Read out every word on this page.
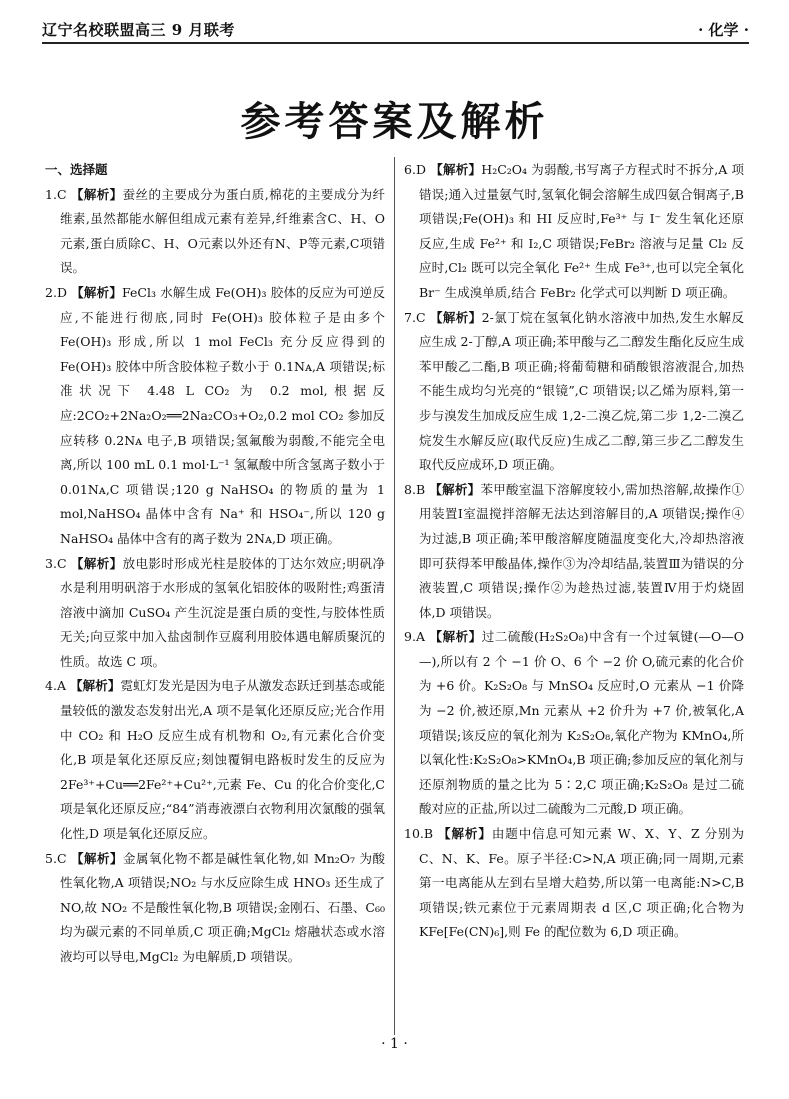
辽宁名校联盟高三 9 月联考	· 化学 ·
参考答案及解析

一、选择题

1.C 【解析】蚕丝的主要成分为蛋白质,棉花的主要成分为纤维素,虽然都能水解但组成元素有差异,纤维素含C、H、O元素,蛋白质除C、H、O元素以外还有N、P等元素,C项错误。

2.D 【解析】FeCl₃ 水解生成 Fe(OH)₃ 胶体的反应为可逆反应,不能进行彻底,同时 Fe(OH)₃ 胶体粒子是由多个 Fe(OH)₃ 形成,所以 1 mol FeCl₃ 充分反应得到的 Fe(OH)₃ 胶体中所含胶体粒子数小于 0.1Nᴀ,A 项错误;标准状况下 4.48 L CO₂ 为 0.2 mol,根据反应:2CO₂+2Na₂O₂══2Na₂CO₃+O₂,0.2 mol CO₂ 参加反应转移 0.2Nᴀ 电子,B 项错误;氢氟酸为弱酸,不能完全电离,所以 100 mL 0.1 mol·L⁻¹ 氢氟酸中所含氢离子数小于 0.01Nᴀ,C 项错误;120 g NaHSO₄ 的物质的量为 1 mol,NaHSO₄ 晶体中含有 Na⁺ 和 HSO₄⁻,所以 120 g NaHSO₄ 晶体中含有的离子数为 2Nᴀ,D 项正确。

3.C 【解析】放电影时形成光柱是胶体的丁达尔效应;明矾净水是利用明矾溶于水形成的氢氧化铝胶体的吸附性;鸡蛋清溶液中滴加 CuSO₄ 产生沉淀是蛋白质的变性,与胶体性质无关;向豆浆中加入盐卤制作豆腐利用胶体遇电解质聚沉的性质。故选 C 项。

4.A 【解析】霓虹灯发光是因为电子从激发态跃迁到基态或能量较低的激发态发射出光,A 项不是氧化还原反应;光合作用中 CO₂ 和 H₂O 反应生成有机物和 O₂,有元素化合价变化,B 项是氧化还原反应;刻蚀覆铜电路板时发生的反应为 2Fe³⁺+Cu══2Fe²⁺+Cu²⁺,元素 Fe、Cu 的化合价变化,C 项是氧化还原反应;“84”消毒液漂白衣物利用次氯酸的强氧化性,D 项是氧化还原反应。

5.C 【解析】金属氧化物不都是碱性氧化物,如 Mn₂O₇ 为酸性氧化物,A 项错误;NO₂ 与水反应除生成 HNO₃ 还生成了 NO,故 NO₂ 不是酸性氧化物,B 项错误;金刚石、石墨、C₆₀ 均为碳元素的不同单质,C 项正确;MgCl₂ 熔融状态或水溶液均可以导电,MgCl₂ 为电解质,D 项错误。

6.D 【解析】H₂C₂O₄ 为弱酸,书写离子方程式时不拆分,A 项错误;通入过量氨气时,氢氧化铜会溶解生成四氨合铜离子,B 项错误;Fe(OH)₃ 和 HI 反应时,Fe³⁺ 与 I⁻ 发生氧化还原反应,生成 Fe²⁺ 和 I₂,C 项错误;FeBr₂ 溶液与足量 Cl₂ 反应时,Cl₂ 既可以完全氧化 Fe²⁺ 生成 Fe³⁺,也可以完全氧化 Br⁻ 生成溴单质,结合 FeBr₂ 化学式可以判断 D 项正确。

7.C 【解析】2-氯丁烷在氢氧化钠水溶液中加热,发生水解反应生成 2-丁醇,A 项正确;苯甲酸与乙二醇发生酯化反应生成苯甲酸乙二酯,B 项正确;将葡萄糖和硝酸银溶液混合,加热不能生成均匀光亮的“银镜”,C 项错误;以乙烯为原料,第一步与溴发生加成反应生成 1,2-二溴乙烷,第二步 1,2-二溴乙烷发生水解反应(取代反应)生成乙二醇,第三步乙二醇发生取代反应成环,D 项正确。

8.B 【解析】苯甲酸室温下溶解度较小,需加热溶解,故操作①用装置Ⅰ室温搅拌溶解无法达到溶解目的,A 项错误;操作④为过滤,B 项正确;苯甲酸溶解度随温度变化大,冷却热溶液即可获得苯甲酸晶体,操作③为冷却结晶,装置Ⅲ为错误的分液装置,C 项错误;操作②为趁热过滤,装置Ⅳ用于灼烧固体,D 项错误。

9.A 【解析】过二硫酸(H₂S₂O₈)中含有一个过氧键(—O—O—),所以有 2 个 −1 价 O、6 个 −2 价 O,硫元素的化合价为 +6 价。K₂S₂O₈ 与 MnSO₄ 反应时,O 元素从 −1 价降为 −2 价,被还原,Mn 元素从 +2 价升为 +7 价,被氧化,A 项错误;该反应的氧化剂为 K₂S₂O₈,氧化产物为 KMnO₄,所以氧化性:K₂S₂O₈>KMnO₄,B 项正确;参加反应的氧化剂与还原剂物质的量之比为 5∶2,C 项正确;K₂S₂O₈ 是过二硫酸对应的正盐,所以过二硫酸为二元酸,D 项正确。

10.B 【解析】由题中信息可知元素 W、X、Y、Z 分别为 C、N、K、Fe。原子半径:C>N,A 项正确;同一周期,元素第一电离能从左到右呈增大趋势,所以第一电离能:N>C,B 项错误;铁元素位于元素周期表 d 区,C 项正确;化合物为 KFe[Fe(CN)₆],则 Fe 的配位数为 6,D 项正确。

· 1 ·
